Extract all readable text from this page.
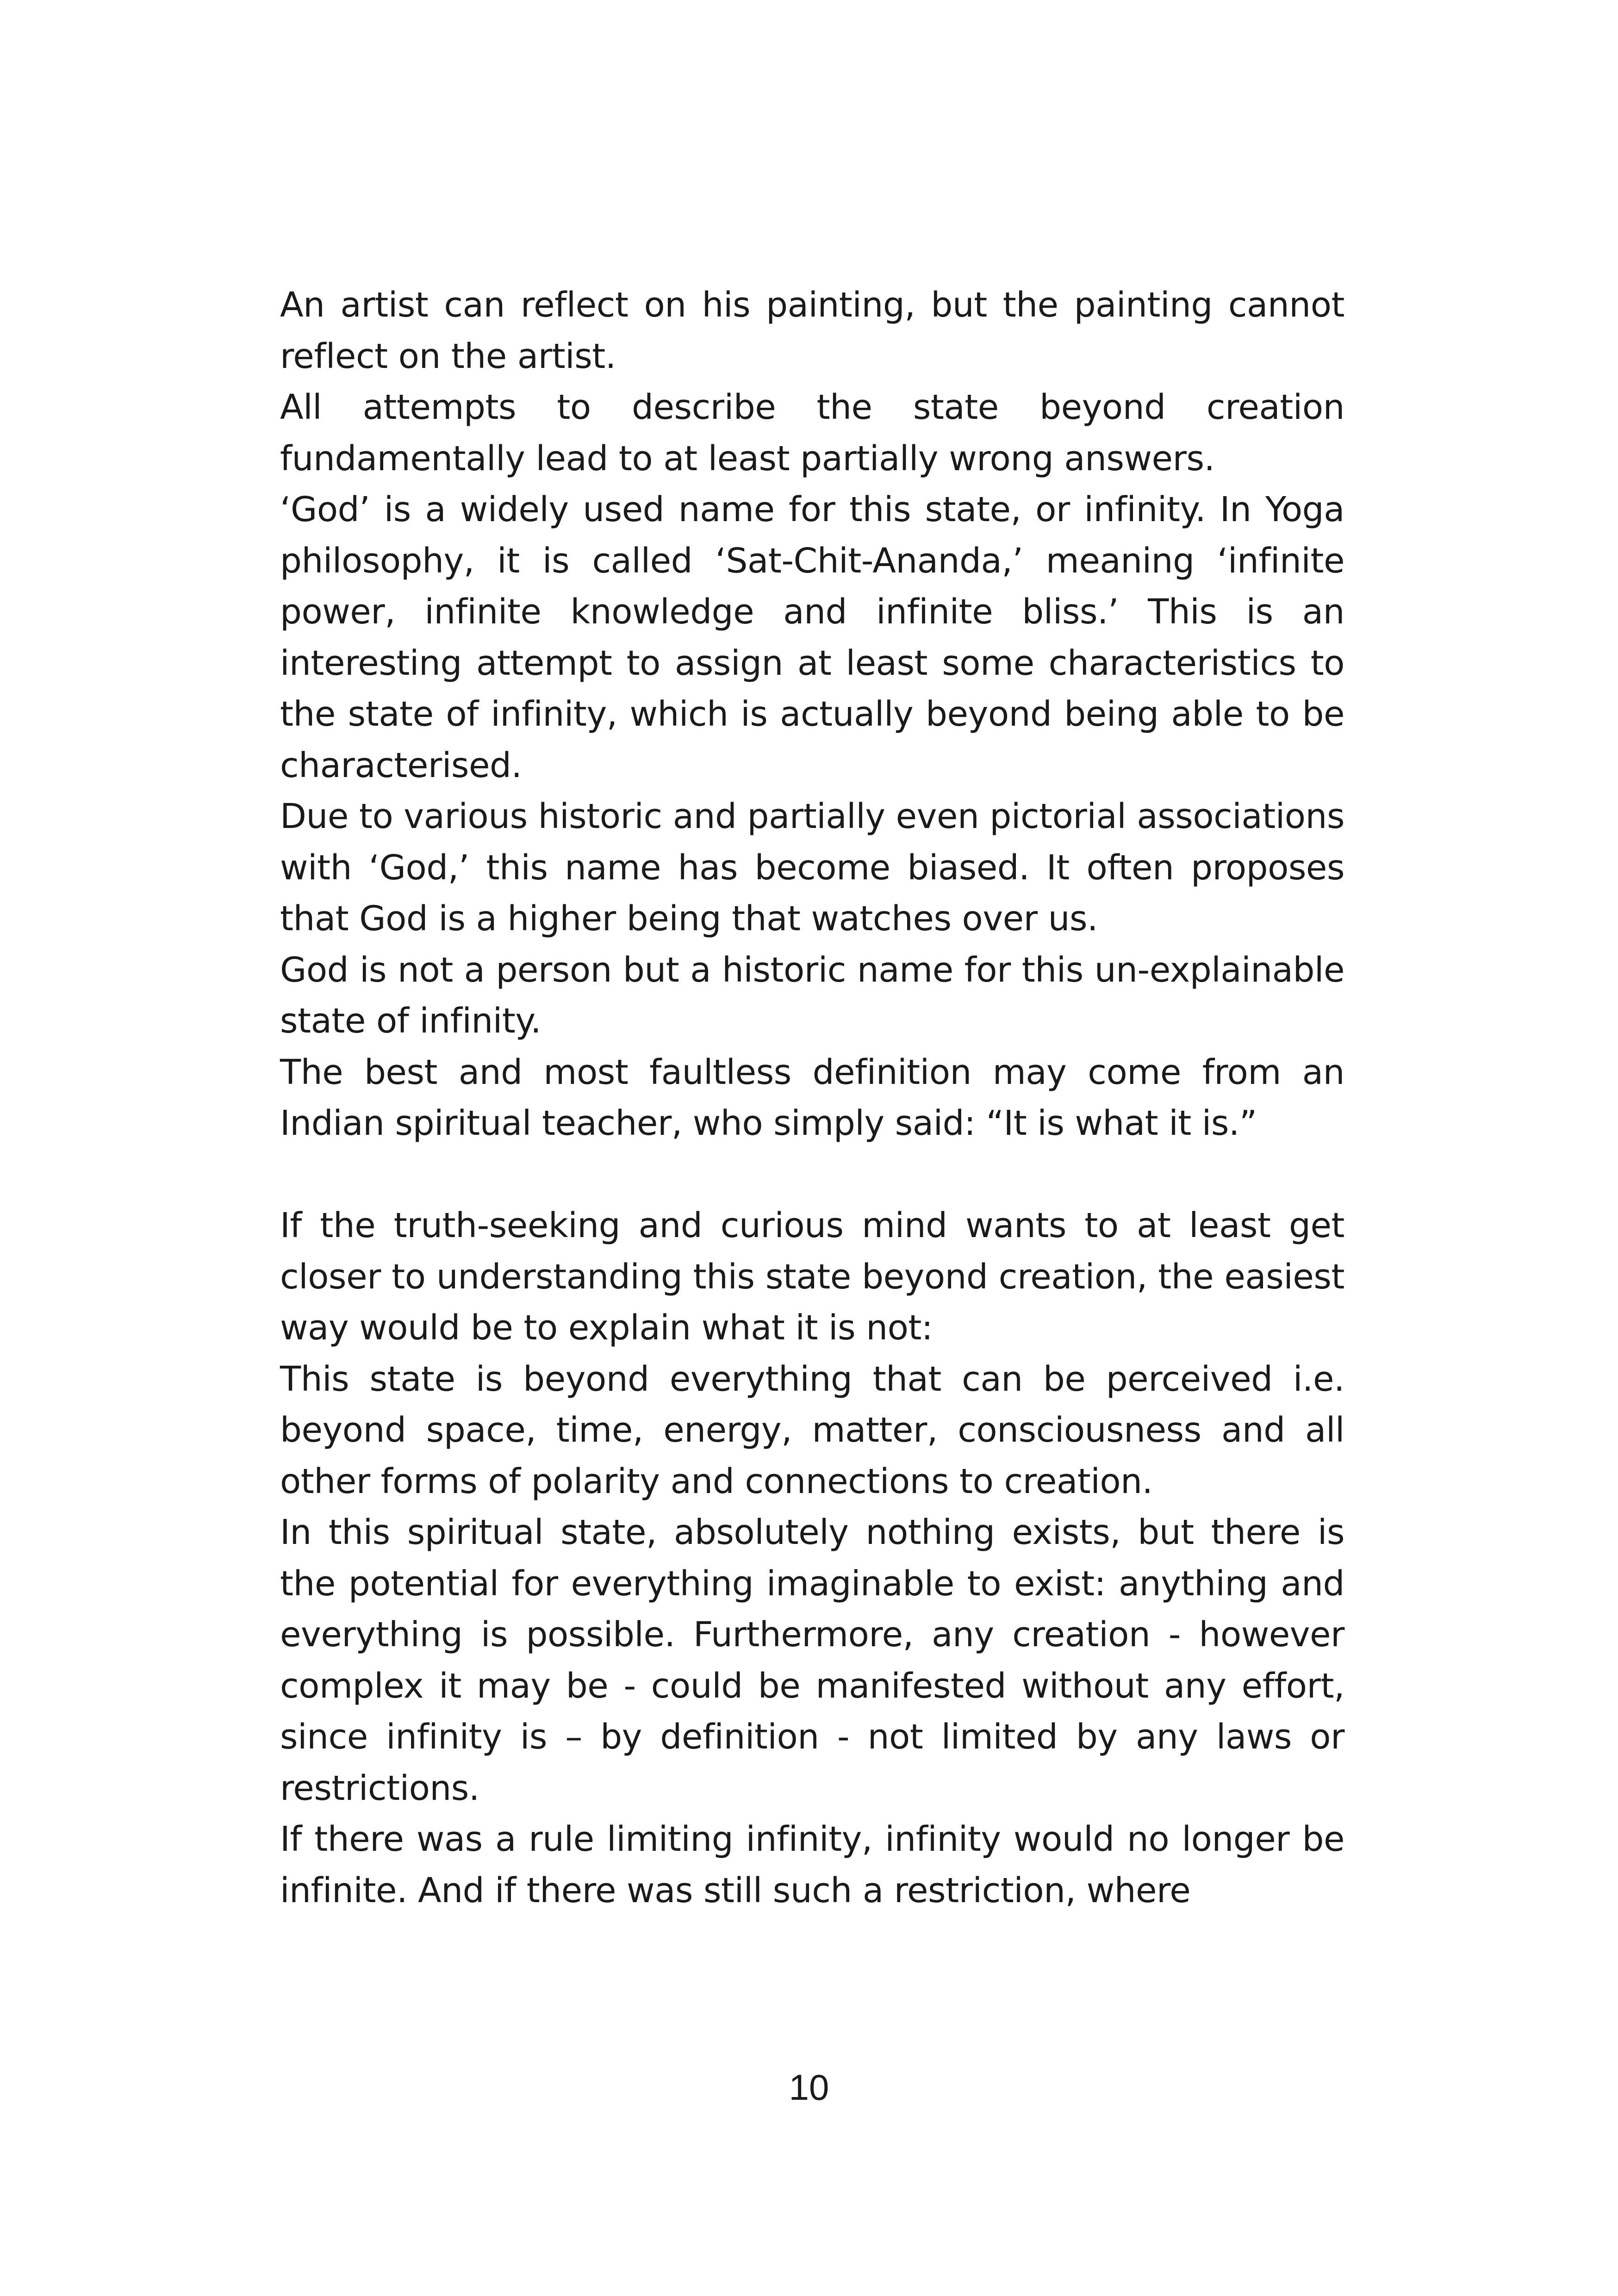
An artist can reflect on his painting, but the painting cannot reflect on the artist.

All attempts to describe the state beyond creation fundamentally lead to at least partially wrong answers.

‘God’ is a widely used name for this state, or infinity. In Yoga philosophy, it is called ‘Sat-Chit-Ananda,’ meaning ‘infinite power, infinite knowledge and infinite bliss.’ This is an interesting attempt to assign at least some characteristics to the state of infinity, which is actually beyond being able to be characterised.

Due to various historic and partially even pictorial associations with ‘God,’ this name has become biased. It often proposes that God is a higher being that watches over us.

God is not a person but a historic name for this un-explainable state of infinity.

The best and most faultless definition may come from an Indian spiritual teacher, who simply said: “It is what it is.”

If the truth-seeking and curious mind wants to at least get closer to understanding this state beyond creation, the easiest way would be to explain what it is not:

This state is beyond everything that can be perceived i.e. beyond space, time, energy, matter, consciousness and all other forms of polarity and connections to creation.

In this spiritual state, absolutely nothing exists, but there is the potential for everything imaginable to exist: anything and everything is possible. Furthermore, any creation - however complex it may be - could be manifested without any effort, since infinity is – by definition - not limited by any laws or restrictions.

If there was a rule limiting infinity, infinity would no longer be infinite. And if there was still such a restriction, where

10
